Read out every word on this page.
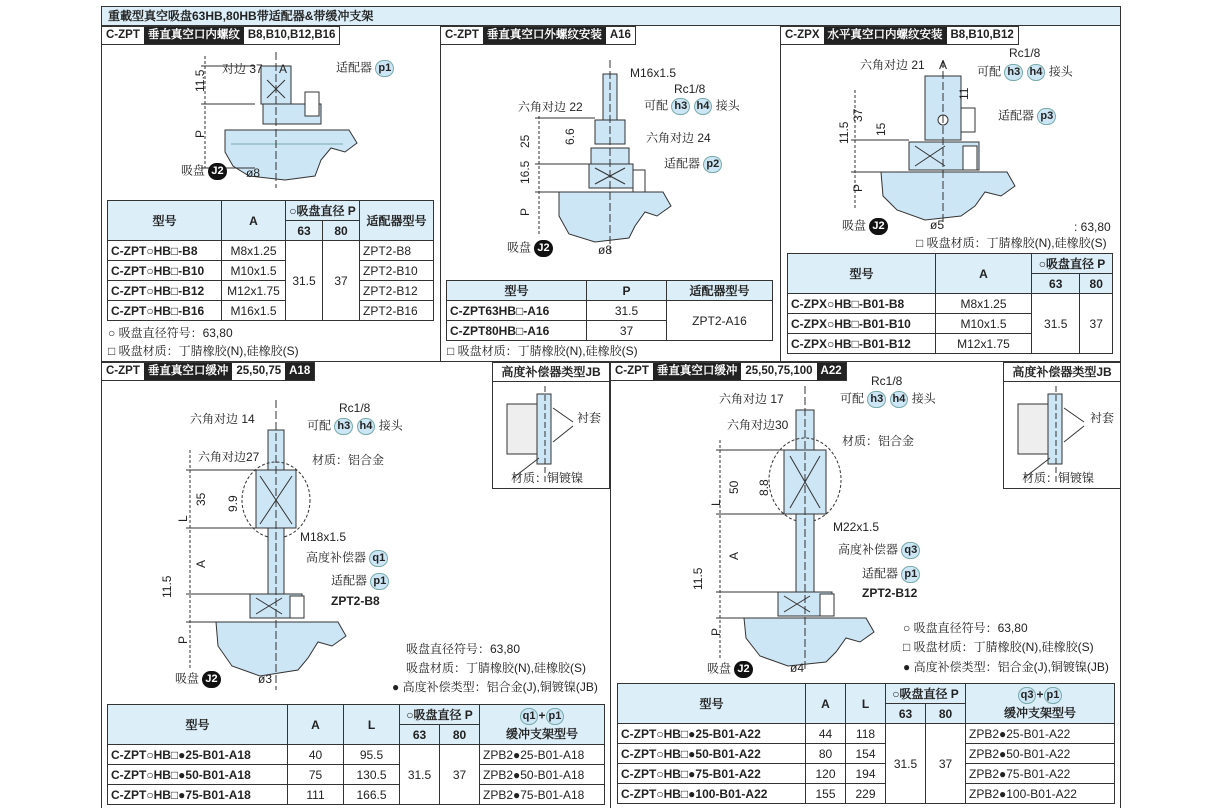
重載型真空吸盘63HB,80HB带适配器&带缓冲支架
C-ZPT 垂直真空口内螺纹 B8,B10,B12,B16
对边 37 A	适配器 p1
11.5
P
吸盘 J2 ø8
型号	A	○吸盘直径 P		适配器型号
		63	80	
C-ZPT○HB□-B8	M8x1.25	31.5	37	ZPT2-B8
C-ZPT○HB□-B10	M10x1.5			ZPT2-B10
C-ZPT○HB□-B12	M12x1.75			ZPT2-B12
C-ZPT○HB□-B16	M16x1.5			ZPT2-B16
○ 吸盘直径符号：63,80
□ 吸盘材质：丁腈橡胶(N),硅橡胶(S)
C-ZPT 垂直真空口外螺纹安装 A16
M16x1.5
Rc1/8
六角对边 22	可配 h3 h4 接头
25	6.6	六角对边 24
适配器 p2
16.5
P
吸盘 J2	ø8
型号	P	适配器型号
C-ZPT63HB□-A16	31.5	ZPT2-A16
C-ZPT80HB□-A16	37	
□ 吸盘材质：丁腈橡胶(N),硅橡胶(S)
C-ZPX 水平真空口内螺纹安装 B8,B10,B12
Rc1/8
六角对边 21 A 可配 h3 h4 接头
11
37
11.5 15
适配器 p3
P
吸盘 J2	ø5	: 63,80
□ 吸盘材质：丁腈橡胶(N),硅橡胶(S)
型号	A	○吸盘直径 P	
		63	80
C-ZPX○HB□-B01-B8	M8x1.25	31.5	37
C-ZPX○HB□-B01-B10	M10x1.5		
C-ZPX○HB□-B01-B12	M12x1.75		
C-ZPT 垂直真空口缓冲 25,50,75 A18	高度补偿器类型JB
衬套
材质：铜镀镍
六角对边 14
Rc1/8
可配 h3 h4 接头
六角对边27	材质：铝合金
35 9.9
L
M18x1.5
A	高度补偿器 q1
适配器 p1
ZPT2-B8
11.5
P
吸盘 J2	ø3
吸盘直径符号：63,80
吸盘材质：丁腈橡胶(N),硅橡胶(S)
● 高度补偿类型：铝合金(J),铜镀镍(JB)
型号	A	L	○吸盘直径 P		q1 + p1
缓冲支架型号
			63	80	
C-ZPT○HB□●25-B01-A18	40	95.5	31.5	37	ZPB2●25-B01-A18
C-ZPT○HB□●50-B01-A18	75	130.5			ZPB2●50-B01-A18
C-ZPT○HB□●75-B01-A18	111	166.5			ZPB2●75-B01-A18
C-ZPT 垂直真空口缓冲 25,50,75,100 A22	高度补偿器类型JB
衬套
材质：铜镀镍
Rc1/8
六角对边 17	可配 h3 h4 接头
六角对边30
材质：铝合金
L
50 8.8
M22x1.5
A	高度补偿器 q3
适配器 p1
ZPT2-B12
11.5
P
吸盘 J2	ø4
○ 吸盘直径符号：63,80
□ 吸盘材质：丁腈橡胶(N),硅橡胶(S)
● 高度补偿类型：铝合金(J),铜镀镍(JB)
型号	A	L	○吸盘直径 P		q3 + p1
缓冲支架型号
			63	80	
C-ZPT○HB□●25-B01-A22	44	118	31.5	37	ZPB2●25-B01-A22
C-ZPT○HB□●50-B01-A22	80	154			ZPB2●50-B01-A22
C-ZPT○HB□●75-B01-A22	120	194			ZPB2●75-B01-A22
C-ZPT○HB□●100-B01-A22	155	229			ZPB2●100-B01-A22
